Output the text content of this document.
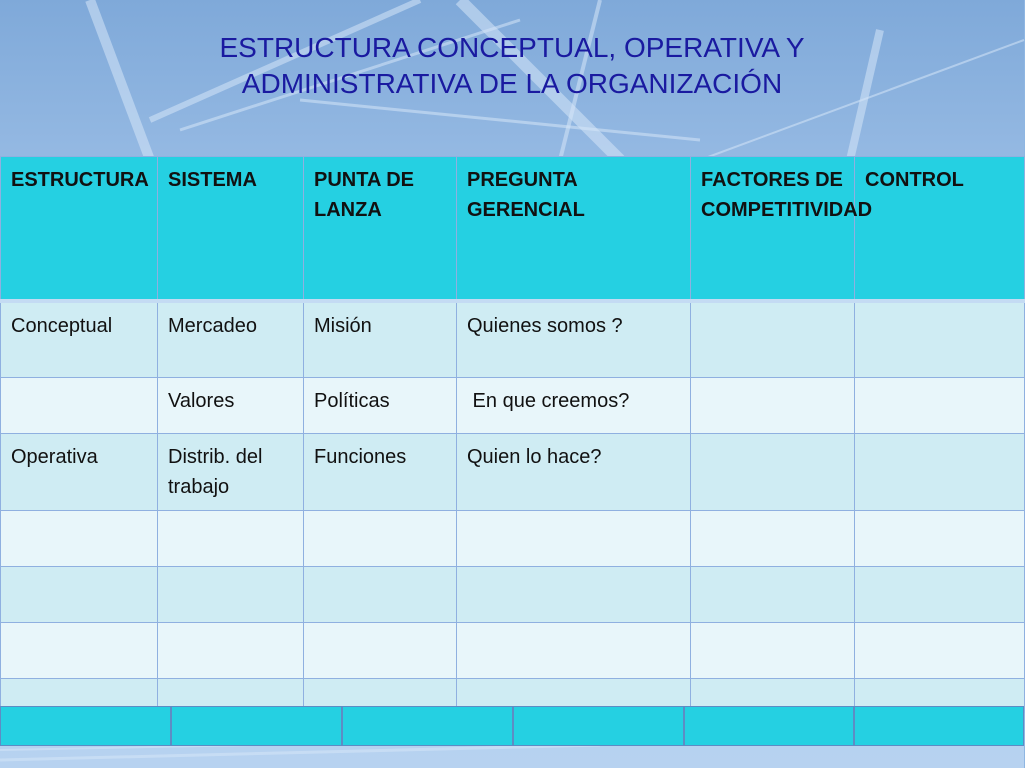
ESTRUCTURA CONCEPTUAL, OPERATIVA Y
ADMINISTRATIVA DE LA ORGANIZACIÓN
ESTRUCTURA	SISTEMA	PUNTA DE LANZA	PREGUNTA GERENCIAL	FACTORES DE COMPETITIVIDAD	CONTROL
Conceptual	Mercadeo	Misión	Quienes somos ?		
	Valores	Políticas	En que creemos?		
Operativa	Distrib. del trabajo	Funciones	Quien lo hace?		
